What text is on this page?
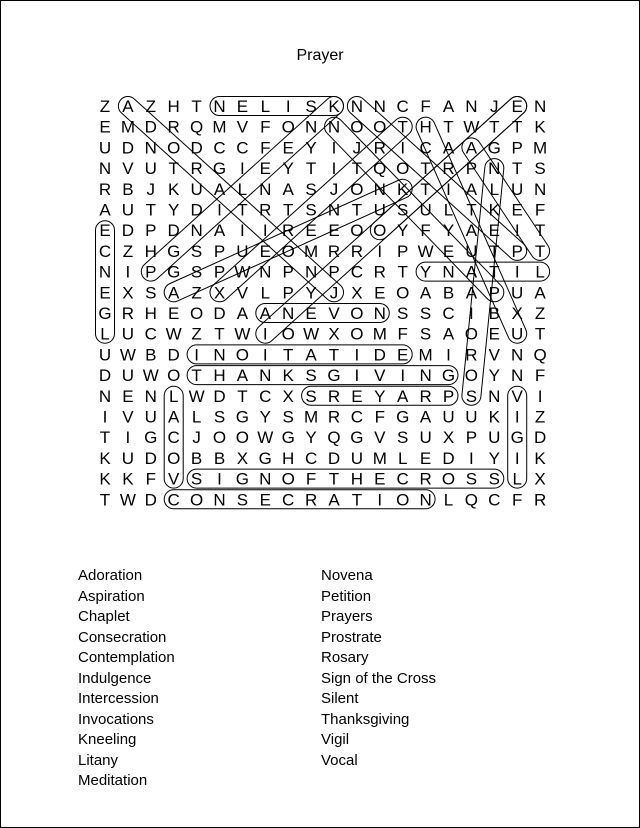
Prayer
Z A Z H T N E L I S K N N C F A N J E N
E M D R Q M V F O N N O O T H T W T T K
U D N O D C C F E Y I J R I C A A G P M
N V U T R G I E Y T I T Q O T R P N T S
R B J K U A L N A S J O N K T I A L U N
A U T Y D I T R T S N T U S U L T K E F
E D P D N A I I R E E O O Y F Y A E I T
C Z H G S P U E O M R R I P W E U T P T
N I P G S P W N P N P C R T Y N A T I L
E X S A Z X V L P Y J X E O A B A P U A
G R H E O D A A N E V O N S S C I B X Z
L U C W Z T W I O W X O M F S A O E U T
U W B D I N O I T A T I D E M I R V N Q
D U W O T H A N K S G I V I N G O Y N F
N E N L W D T C X S R E Y A R P S N V I
I V U A L S G Y S M R C F G A U U K I Z
T I G C J O O W G Y Q G V S U X P U G D
K U D O B B X G H C D U M L E D I Y I K
K K F V S I G N O F T H E C R O S S L X
T W D C O N S E C R A T I O N L Q C F R
Adoration
Aspiration
Chaplet
Consecration
Contemplation
Indulgence
Intercession
Invocations
Kneeling
Litany
Meditation
Novena
Petition
Prayers
Prostrate
Rosary
Sign of the Cross
Silent
Thanksgiving
Vigil
Vocal
